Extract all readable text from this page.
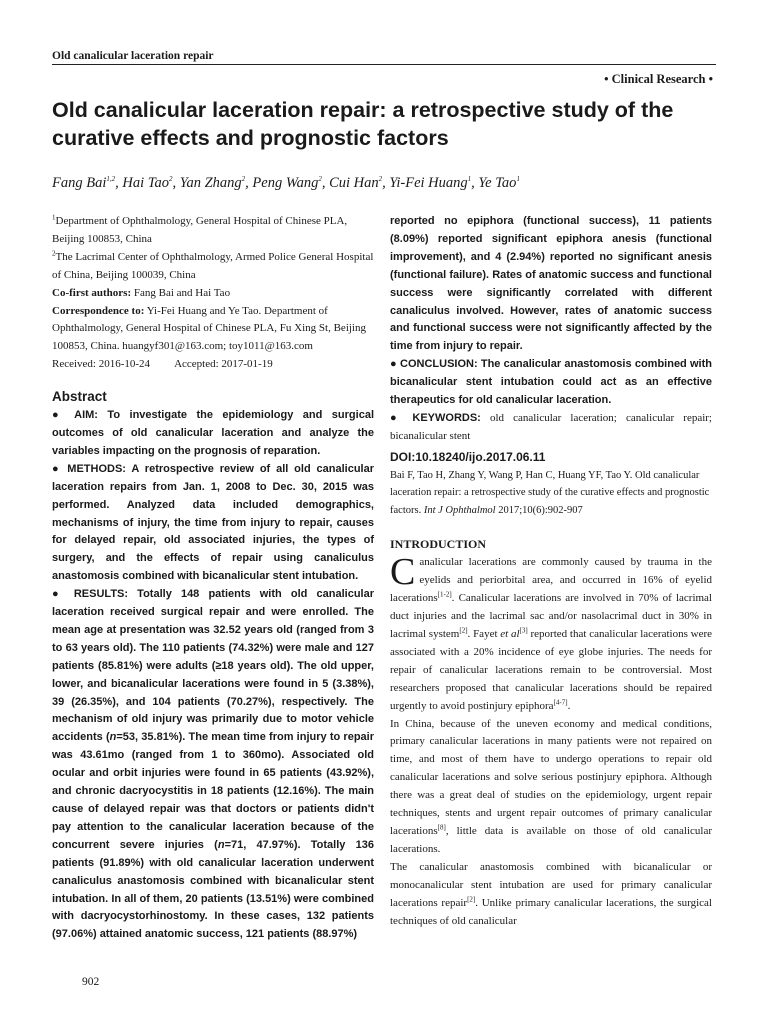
Old canalicular laceration repair
• Clinical Research •
Old canalicular laceration repair: a retrospective study of the curative effects and prognostic factors
Fang Bai$^{1,2}$, Hai Tao$^2$, Yan Zhang$^2$, Peng Wang$^2$, Cui Han$^2$, Yi-Fei Huang$^1$, Ye Tao$^1$

$^1$Department of Ophthalmology, General Hospital of Chinese PLA, Beijing 100853, China

$^2$The Lacrimal Center of Ophthalmology, Armed Police General Hospital of China, Beijing 100039, China

Co-first authors: Fang Bai and Hai Tao

Correspondence to: Yi-Fei Huang and Ye Tao. Department of Ophthalmology, General Hospital of Chinese PLA, Fu Xing St, Beijing 100853, China. huangyf301@163.com; toy1011@163.com

Received: 2016-10-24 Accepted: 2017-01-19

Abstract

● AIM: To investigate the epidemiology and surgical outcomes of old canalicular laceration and analyze the variables impacting on the prognosis of reparation.

● METHODS: A retrospective review of all old canalicular laceration repairs from Jan. 1, 2008 to Dec. 30, 2015 was performed. Analyzed data included demographics, mechanisms of injury, the time from injury to repair, causes for delayed repair, old associated injuries, the types of surgery, and the effects of repair using canaliculus anastomosis combined with bicanalicular stent intubation.

● RESULTS: Totally 148 patients with old canalicular laceration received surgical repair and were enrolled. The mean age at presentation was 32.52 years old (ranged from 3 to 63 years old). The 110 patients (74.32%) were male and 127 patients (85.81%) were adults (≥18 years old). The old upper, lower, and bicanalicular lacerations were found in 5 (3.38%), 39 (26.35%), and 104 patients (70.27%), respectively. The mechanism of old injury was primarily due to motor vehicle accidents (n=53, 35.81%). The mean time from injury to repair was 43.61mo (ranged from 1 to 360mo). Associated old ocular and orbit injuries were found in 65 patients (43.92%), and chronic dacryocystitis in 18 patients (12.16%). The main cause of delayed repair was that doctors or patients didn't pay attention to the canalicular laceration because of the concurrent severe injuries (n=71, 47.97%). Totally 136 patients (91.89%) with old canalicular laceration underwent canaliculus anastomosis combined with bicanalicular stent intubation. In all of them, 20 patients (13.51%) were combined with dacryocystorhinostomy. In these cases, 132 patients (97.06%) attained anatomic success, 121 patients (88.97%)

reported no epiphora (functional success), 11 patients (8.09%) reported significant epiphora anesis (functional improvement), and 4 (2.94%) reported no significant anesis (functional failure). Rates of anatomic success and functional success were significantly correlated with different canaliculus involved. However, rates of anatomic success and functional success were not significantly affected by the time from injury to repair.

● CONCLUSION: The canalicular anastomosis combined with bicanalicular stent intubation could act as an effective therapeutics for old canalicular laceration.

● KEYWORDS: old canalicular laceration; canalicular repair; bicanalicular stent

DOI:10.18240/ijo.2017.06.11

Bai F, Tao H, Zhang Y, Wang P, Han C, Huang YF, Tao Y. Old canalicular laceration repair: a retrospective study of the curative effects and prognostic factors. Int J Ophthalmol 2017;10(6):902-907

INTRODUCTION

Canalicular lacerations are commonly caused by trauma in the eyelids and periorbital area, and occurred in 16% of eyelid lacerations[1-2]. Canalicular lacerations are involved in 70% of lacrimal duct injuries and the lacrimal sac and/or nasolacrimal duct in 30% in lacrimal system[2]. Fayet et al[3] reported that canalicular lacerations were associated with a 20% incidence of eye globe injuries. The needs for repair of canalicular lacerations remain to be controversial. Most researchers proposed that canalicular lacerations should be repaired urgently to avoid postinjury epiphora[4-7].

In China, because of the uneven economy and medical conditions, primary canalicular lacerations in many patients were not repaired on time, and most of them have to undergo operations to repair old canalicular lacerations and solve serious postinjury epiphora. Although there was a great deal of studies on the epidemiology, urgent repair techniques, stents and urgent repair outcomes of primary canalicular lacerations[8], little data is available on those of old canalicular lacerations.

The canalicular anastomosis combined with bicanalicular or monocanalicular stent intubation are used for primary canalicular lacerations repair[2]. Unlike primary canalicular lacerations, the surgical techniques of old canalicular

902
